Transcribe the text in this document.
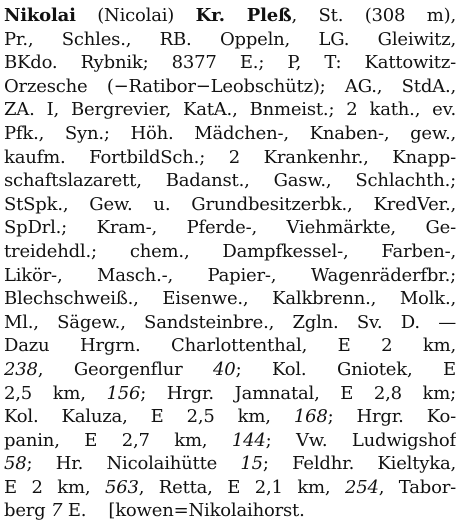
Nikolai (Nicolai) Kr. Pleß, St. (308 m),
Pr., Schles., RB. Oppeln, LG. Gleiwitz,
BKdo. Rybnik; 8377 E.; P, T: Kattowitz-
Orzesche (−Ratibor−Leobschütz); AG., StdA.,
ZA. I, Bergrevier, KatA., Bnmeist.; 2 kath., ev.
Pfk., Syn.; Höh. Mädchen-, Knaben-, gew.,
kaufm. FortbildSch.; 2 Krankenhr., Knapp-
schaftslazarett, Badanst., Gasw., Schlachth.;
StSpk., Gew. u. Grundbesitzerbk., KredVer.,
SpDrl.; Kram-, Pferde-, Viehmärkte, Ge-
treidehdl.; chem., Dampfkessel-, Farben-,
Likör-, Masch.-, Papier-, Wagenräderfbr.;
Blechschweiß., Eisenwe., Kalkbrenn., Molk.,
Ml., Sägew., Sandsteinbre., Zgln. Sv. D. —
Dazu Hrgrn. Charlottenthal, E 2 km,
238, Georgenflur 40; Kol. Gniotek, E
2,5 km, 156; Hrgr. Jamnatal, E 2,8 km;
Kol. Kaluza, E 2,5 km, 168; Hrgr. Ko-
panin, E 2,7 km, 144; Vw. Ludwigshof
58; Hr. Nicolaihütte 15; Feldhr. Kieltyka,
E 2 km, 563, Retta, E 2,1 km, 254, Tabor-
berg 7 E.    [kowen=Nikolaihorst.
